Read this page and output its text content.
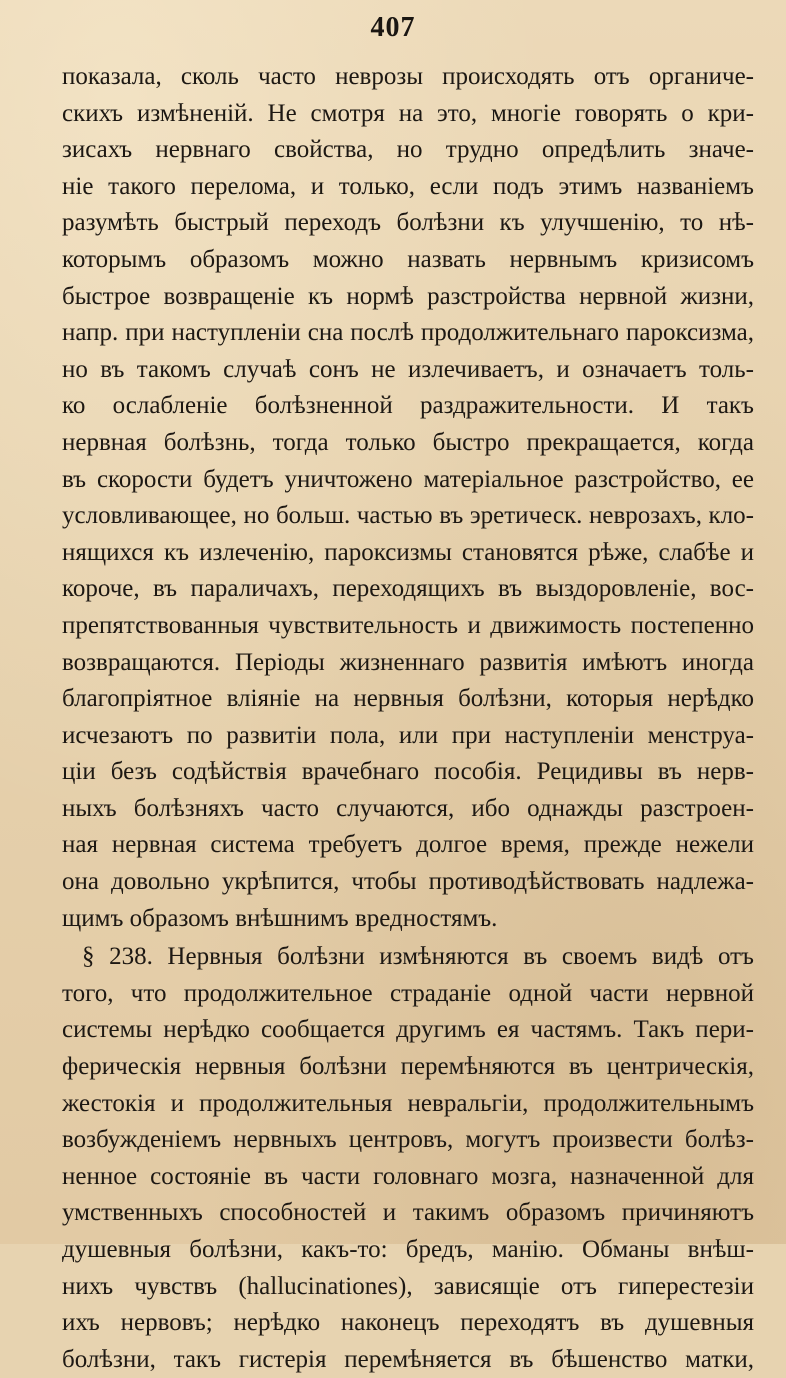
407
показала, сколь часто неврозы происходять отъ органиче-
скихъ измѣненій. Не смотря на это, многіе говорять о кри-
зисахъ нервнаго свойства, но трудно опредѣлить значе-
ніе такого перелома, и только, если подъ этимъ названіемъ
разумѣть быстрый переходъ болѣзни къ улучшенію, то нѣ-
которымъ образомъ можно назвать нервнымъ кризисомъ
быстрое возвращеніе къ нормѣ разстройства нервной жизни,
напр. при наступленіи сна послѣ продолжительнаго пароксизма,
но въ такомъ случаѣ сонъ не излечиваетъ, и означаетъ толь-
ко ослабленіе болѣзненной раздражительности. И такъ
нервная болѣзнь, тогда только быстро прекращается, когда
въ скорости будетъ уничтожено матеріальное разстройство, ее
условливающее, но больш. частью въ эретическ. неврозахъ, кло-
нящихся къ излеченію, пароксизмы становятся рѣже, слабѣе и
короче, въ параличахъ, переходящихъ въ выздоровленіе, вос-
препятствованныя чувствительность и движимость постепенно
возвращаются. Періоды жизненнаго развитія имѣютъ иногда
благопріятное вліяніе на нервныя болѣзни, которыя нерѣдко
исчезаютъ по развитіи пола, или при наступленіи менструа-
ціи безъ содѣйствія врачебнаго пособія. Рецидивы въ нерв-
ныхъ болѣзняхъ часто случаются, ибо однажды разстроен-
ная нервная система требуетъ долгое время, прежде нежели
она довольно укрѣпится, чтобы противодѣйствовать надлежа-
щимъ образомъ внѣшнимъ вредностямъ.
§ 238. Нервныя болѣзни измѣняются въ своемъ видѣ отъ
того, что продолжительное страданіе одной части нервной
системы нерѣдко сообщается другимъ ея частямъ. Такъ пери-
ферическія нервныя болѣзни перемѣняются въ центрическія,
жестокія и продолжительныя невральгіи, продолжительнымъ
возбужденіемъ нервныхъ центровъ, могутъ произвести болѣз-
ненное состояніе въ части головнаго мозга, назначенной для
умственныхъ способностей и такимъ образомъ причиняютъ
душевныя болѣзни, какъ-то: бредъ, манію. Обманы внѣш-
нихъ чувствъ (hallucinationes), зависящіе отъ гиперестезіи
ихъ нервовъ; нерѣдко наконецъ переходятъ въ душевныя
болѣзни, такъ гистерія перемѣняется въ бѣшенство матки,
